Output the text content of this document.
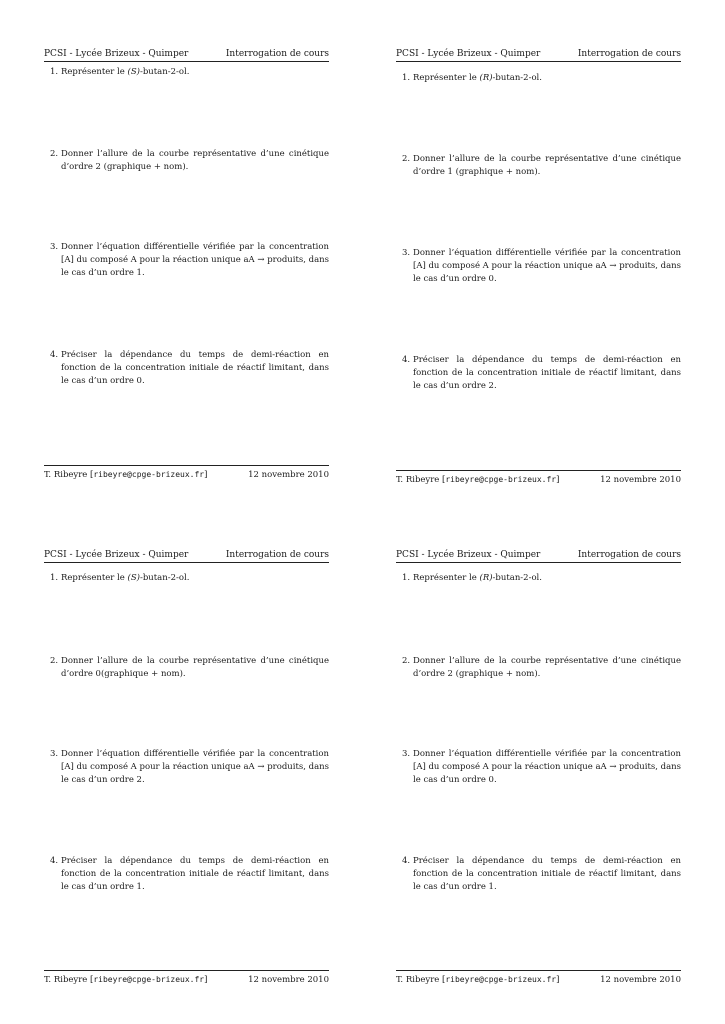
PCSI - Lycée Brizeux - Quimper	Interrogation de cours
1. Représenter le (S)-butan-2-ol.
2. Donner l’allure de la courbe représentative d’une cinétique d’ordre 2 (graphique + nom).
3. Donner l’équation différentielle vérifiée par la concentration [A] du composé A pour la réaction unique aA → produits, dans le cas d’un ordre 1.
4. Préciser la dépendance du temps de demi-réaction en fonction de la concentration initiale de réactif limitant, dans le cas d’un ordre 0.
T. Ribeyre [ribeyre@cpge-brizeux.fr]	12 novembre 2010
PCSI - Lycée Brizeux - Quimper	Interrogation de cours
1. Représenter le (R)-butan-2-ol.
2. Donner l’allure de la courbe représentative d’une cinétique d’ordre 1 (graphique + nom).
3. Donner l’équation différentielle vérifiée par la concentration [A] du composé A pour la réaction unique aA → produits, dans le cas d’un ordre 0.
4. Préciser la dépendance du temps de demi-réaction en fonction de la concentration initiale de réactif limitant, dans le cas d’un ordre 2.
T. Ribeyre [ribeyre@cpge-brizeux.fr]	12 novembre 2010
PCSI - Lycée Brizeux - Quimper	Interrogation de cours
1. Représenter le (S)-butan-2-ol.
2. Donner l’allure de la courbe représentative d’une cinétique d’ordre 0(graphique + nom).
3. Donner l’équation différentielle vérifiée par la concentration [A] du composé A pour la réaction unique aA → produits, dans le cas d’un ordre 2.
4. Préciser la dépendance du temps de demi-réaction en fonction de la concentration initiale de réactif limitant, dans le cas d’un ordre 1.
T. Ribeyre [ribeyre@cpge-brizeux.fr]	12 novembre 2010
PCSI - Lycée Brizeux - Quimper	Interrogation de cours
1. Représenter le (R)-butan-2-ol.
2. Donner l’allure de la courbe représentative d’une cinétique d’ordre 2 (graphique + nom).
3. Donner l’équation différentielle vérifiée par la concentration [A] du composé A pour la réaction unique aA → produits, dans le cas d’un ordre 0.
4. Préciser la dépendance du temps de demi-réaction en fonction de la concentration initiale de réactif limitant, dans le cas d’un ordre 1.
T. Ribeyre [ribeyre@cpge-brizeux.fr]	12 novembre 2010
